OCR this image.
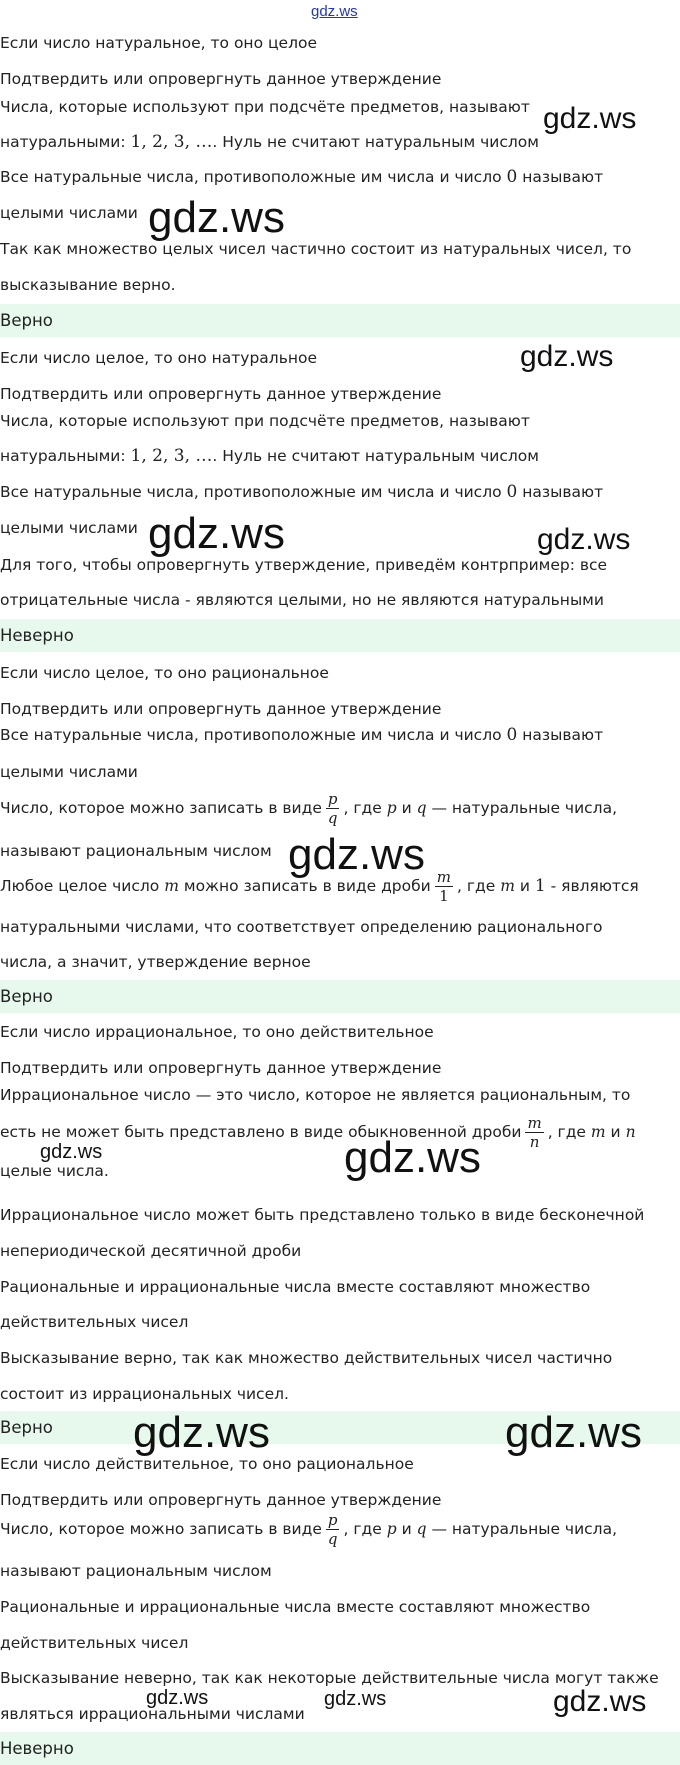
gdz.ws
gdz.ws
gdz.ws
gdz.ws
gdz.ws	gdz.ws
gdz.ws
gdz.ws	gdz.ws
gdz.ws	gdz.ws
gdz.ws	gdz.ws	gdz.ws
Если число натуральное, то оно целое
Подтвердить или опровергнуть данное утверждение
Числа, которые используют при подсчёте предметов, называют
натуральными: 1, 2, 3, …. Нуль не считают натуральным числом
Все натуральные числа, противоположные им числа и число 0 называют
целыми числами
Так как множество целых чисел частично состоит из натуральных чисел, то
высказывание верно.
Верно
Если число целое, то оно натуральное
Подтвердить или опровергнуть данное утверждение
Числа, которые используют при подсчёте предметов, называют
натуральными: 1, 2, 3, …. Нуль не считают натуральным числом
Все натуральные числа, противоположные им числа и число 0 называют
целыми числами
Для того, чтобы опровергнуть утверждение, приведём контрпример: все
отрицательные числа - являются целыми, но не являются натуральными
Неверно
Если число целое, то оно рациональное
Подтвердить или опровергнуть данное утверждение
Все натуральные числа, противоположные им числа и число 0 называют
целыми числами
Число, которое можно записать в виде $\frac{p}{q}$ , где p и q — натуральные числа,
называют рациональным числом
Любое целое число m можно записать в виде дроби $\frac{m}{1}$ , где m и 1 - являются
натуральными числами, что соответствует определению рационального
числа, а значит, утверждение верное
Верно
Если число иррациональное, то оно действительное
Подтвердить или опровергнуть данное утверждение
Иррациональное число — это число, которое не является рациональным, то
есть не может быть представлено в виде обыкновенной дроби $\frac{m}{n}$ , где m и n
целые числа.
Иррациональное число может быть представлено только в виде бесконечной
непериодической десятичной дроби
Рациональные и иррациональные числа вместе составляют множество
действительных чисел
Высказывание верно, так как множество действительных чисел частично
состоит из иррациональных чисел.
Верно
Если число действительное, то оно рациональное
Подтвердить или опровергнуть данное утверждение
Число, которое можно записать в виде $\frac{p}{q}$ , где p и q — натуральные числа,
называют рациональным числом
Рациональные и иррациональные числа вместе составляют множество
действительных чисел
Высказывание неверно, так как некоторые действительные числа могут также
являться иррациональными числами
Неверно
